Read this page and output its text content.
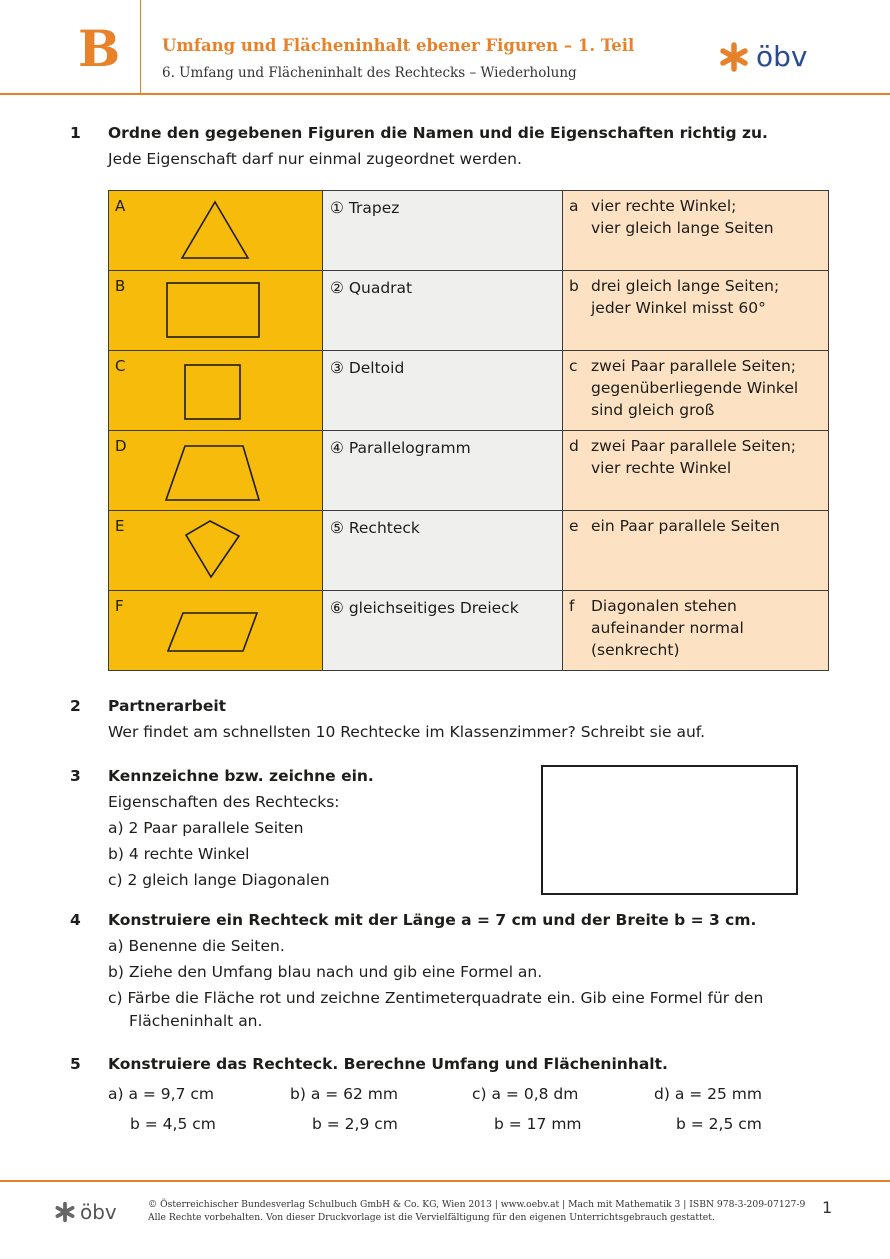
B	Umfang und Flächeninhalt ebener Figuren – 1. Teil
6. Umfang und Flächeninhalt des Rechtecks – Wiederholung	öbv
1 Ordne den gegebenen Figuren die Namen und die Eigenschaften richtig zu.
Jede Eigenschaft darf nur einmal zugeordnet werden.
A	① Trapez	a vier rechte Winkel;
vier gleich lange Seiten

B	② Quadrat	b drei gleich lange Seiten;
jeder Winkel misst 60°

C	③ Deltoid	c zwei Paar parallele Seiten;
gegenüberliegende Winkel
sind gleich groß

D	④ Parallelogramm	d zwei Paar parallele Seiten;
vier rechte Winkel

E	⑤ Rechteck	e ein Paar parallele Seiten

F	⑥ gleichseitiges Dreieck	f Diagonalen stehen
aufeinander normal
(senkrecht)
2 Partnerarbeit
Wer findet am schnellsten 10 Rechtecke im Klassenzimmer? Schreibt sie auf.
3 Kennzeichne bzw. zeichne ein.
Eigenschaften des Rechtecks:
a) 2 Paar parallele Seiten
b) 4 rechte Winkel
c) 2 gleich lange Diagonalen
4 Konstruiere ein Rechteck mit der Länge a = 7 cm und der Breite b = 3 cm.
a) Benenne die Seiten.
b) Ziehe den Umfang blau nach und gib eine Formel an.
c) Färbe die Fläche rot und zeichne Zentimeterquadrate ein. Gib eine Formel für den
Flächeninhalt an.
5 Konstruiere das Rechteck. Berechne Umfang und Flächeninhalt.
a) a = 9,7 cm
b = 4,5 cm
b) a = 62 mm
b = 2,9 cm
c) a = 0,8 dm
b = 17 mm
d) a = 25 mm
b = 2,5 cm
öbv	© Österreichischer Bundesverlag Schulbuch GmbH & Co. KG, Wien 2013 | www.oebv.at | Mach mit Mathematik 3 | ISBN 978-3-209-07127-9
Alle Rechte vorbehalten. Von dieser Druckvorlage ist die Vervielfältigung für den eigenen Unterrichtsgebrauch gestattet.
1
